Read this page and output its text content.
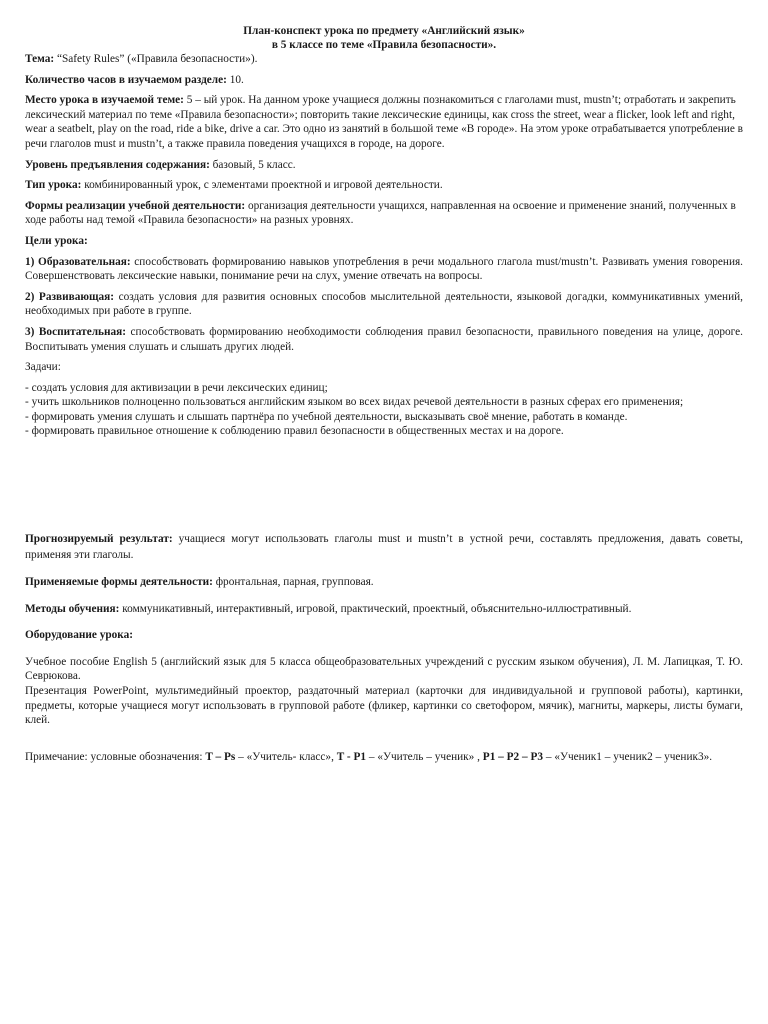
План-конспект урока по предмету «Английский язык»
в 5 классе по теме «Правила безопасности».

Тема: “Safety Rules” («Правила безопасности»).

Количество часов в изучаемом разделе: 10.

Место урока в изучаемой теме: 5 – ый урок. На данном уроке учащиеся должны познакомиться с глаголами must, mustn’t; отработать и закрепить лексический материал по теме «Правила безопасности»; повторить такие лексические единицы, как cross the street, wear a flicker, look left and right, wear a seatbelt, play on the road, ride a bike, drive a car. Это одно из занятий в большой теме «В городе». На этом уроке отрабатывается употребление в речи глаголов must и mustn’t, а также правила поведения учащихся в городе, на дороге.

Уровень предъявления содержания: базовый, 5 класс.

Тип урока: комбинированный урок, с элементами проектной и игровой деятельности.

Формы реализации учебной деятельности: организация деятельности учащихся, направленная на освоение и применение знаний, полученных в ходе работы над темой «Правила безопасности» на разных уровнях.

Цели урока:

1) Образовательная: способствовать формированию навыков употребления в речи модального глагола must/mustn’t. Развивать умения говорения. Совершенствовать лексические навыки, понимание речи на слух, умение отвечать на вопросы.

2) Развивающая: создать условия для развития основных способов мыслительной деятельности, языковой догадки, коммуникативных умений, необходимых при работе в группе.

3) Воспитательная: способствовать формированию необходимости соблюдения правил безопасности, правильного поведения на улице, дороге. Воспитывать умения слушать и слышать других людей.

Задачи:

- создать условия для активизации в речи лексических единиц;

- учить школьников полноценно пользоваться английским языком во всех видах речевой деятельности в разных сферах его применения;

- формировать умения слушать и слышать партнёра по учебной деятельности, высказывать своё мнение, работать в команде.

- формировать правильное отношение к соблюдению правил безопасности в общественных местах и на дороге.

Прогнозируемый результат: учащиеся могут использовать глаголы must и mustn’t в устной речи, составлять предложения, давать советы, применяя эти глаголы.

Применяемые формы деятельности: фронтальная, парная, групповая.

Методы обучения: коммуникативный, интерактивный, игровой, практический, проектный, объяснительно-иллюстративный.

Оборудование урока:

Учебное пособие English 5 (английский язык для 5 класса общеобразовательных учреждений с русским языком обучения), Л. М. Лапицкая, Т. Ю. Севрюкова.

Презентация PowerPoint, мультимедийный проектор, раздаточный материал (карточки для индивидуальной и групповой работы), картинки, предметы, которые учащиеся могут использовать в групповой работе (фликер, картинки со светофором, мячик), магниты, маркеры, листы бумаги, клей.

Примечание: условные обозначения: T – Ps – «Учитель- класс», T - P1 – «Учитель – ученик» , P1 – P2 – P3 – «Ученик1 – ученик2 – ученик3».
